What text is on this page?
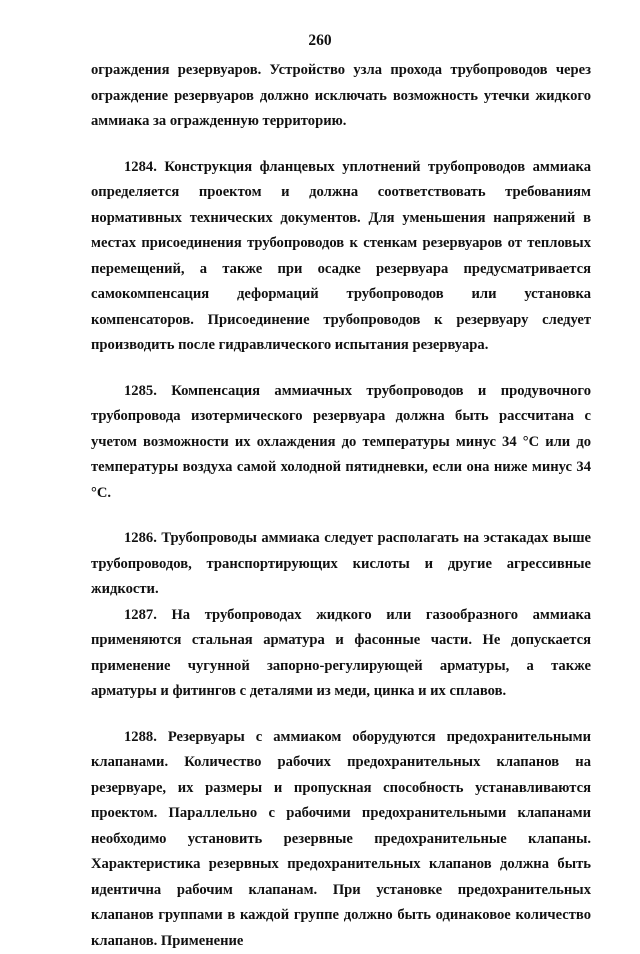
260

ограждения резервуаров. Устройство узла прохода трубопроводов через ограждение резервуаров должно исключать возможность утечки жидкого аммиака за огражденную территорию.

1284. Конструкция фланцевых уплотнений трубопроводов аммиака определяется проектом и должна соответствовать требованиям нормативных технических документов. Для уменьшения напряжений в местах присоединения трубопроводов к стенкам резервуаров от тепловых перемещений, а также при осадке резервуара предусматривается самокомпенсация деформаций трубопроводов или установка компенсаторов. Присоединение трубопроводов к резервуару следует производить после гидравлического испытания резервуара.

1285. Компенсация аммиачных трубопроводов и продувочного трубопровода изотермического резервуара должна быть рассчитана с учетом возможности их охлаждения до температуры минус 34 °С или до температуры воздуха самой холодной пятидневки, если она ниже минус 34 °С.

1286. Трубопроводы аммиака следует располагать на эстакадах выше трубопроводов, транспортирующих кислоты и другие агрессивные жидкости.

1287. На трубопроводах жидкого или газообразного аммиака применяются стальная арматура и фасонные части. Не допускается применение чугунной запорно-регулирующей арматуры, а также арматуры и фитингов с деталями из меди, цинка и их сплавов.

1288. Резервуары с аммиаком оборудуются предохранительными клапанами. Количество рабочих предохранительных клапанов на резервуаре, их размеры и пропускная способность устанавливаются проектом. Параллельно с рабочими предохранительными клапанами необходимо установить резервные предохранительные клапаны. Характеристика резервных предохранительных клапанов должна быть идентична рабочим клапанам. При установке предохранительных клапанов группами в каждой группе должно быть одинаковое количество клапанов. Применение
